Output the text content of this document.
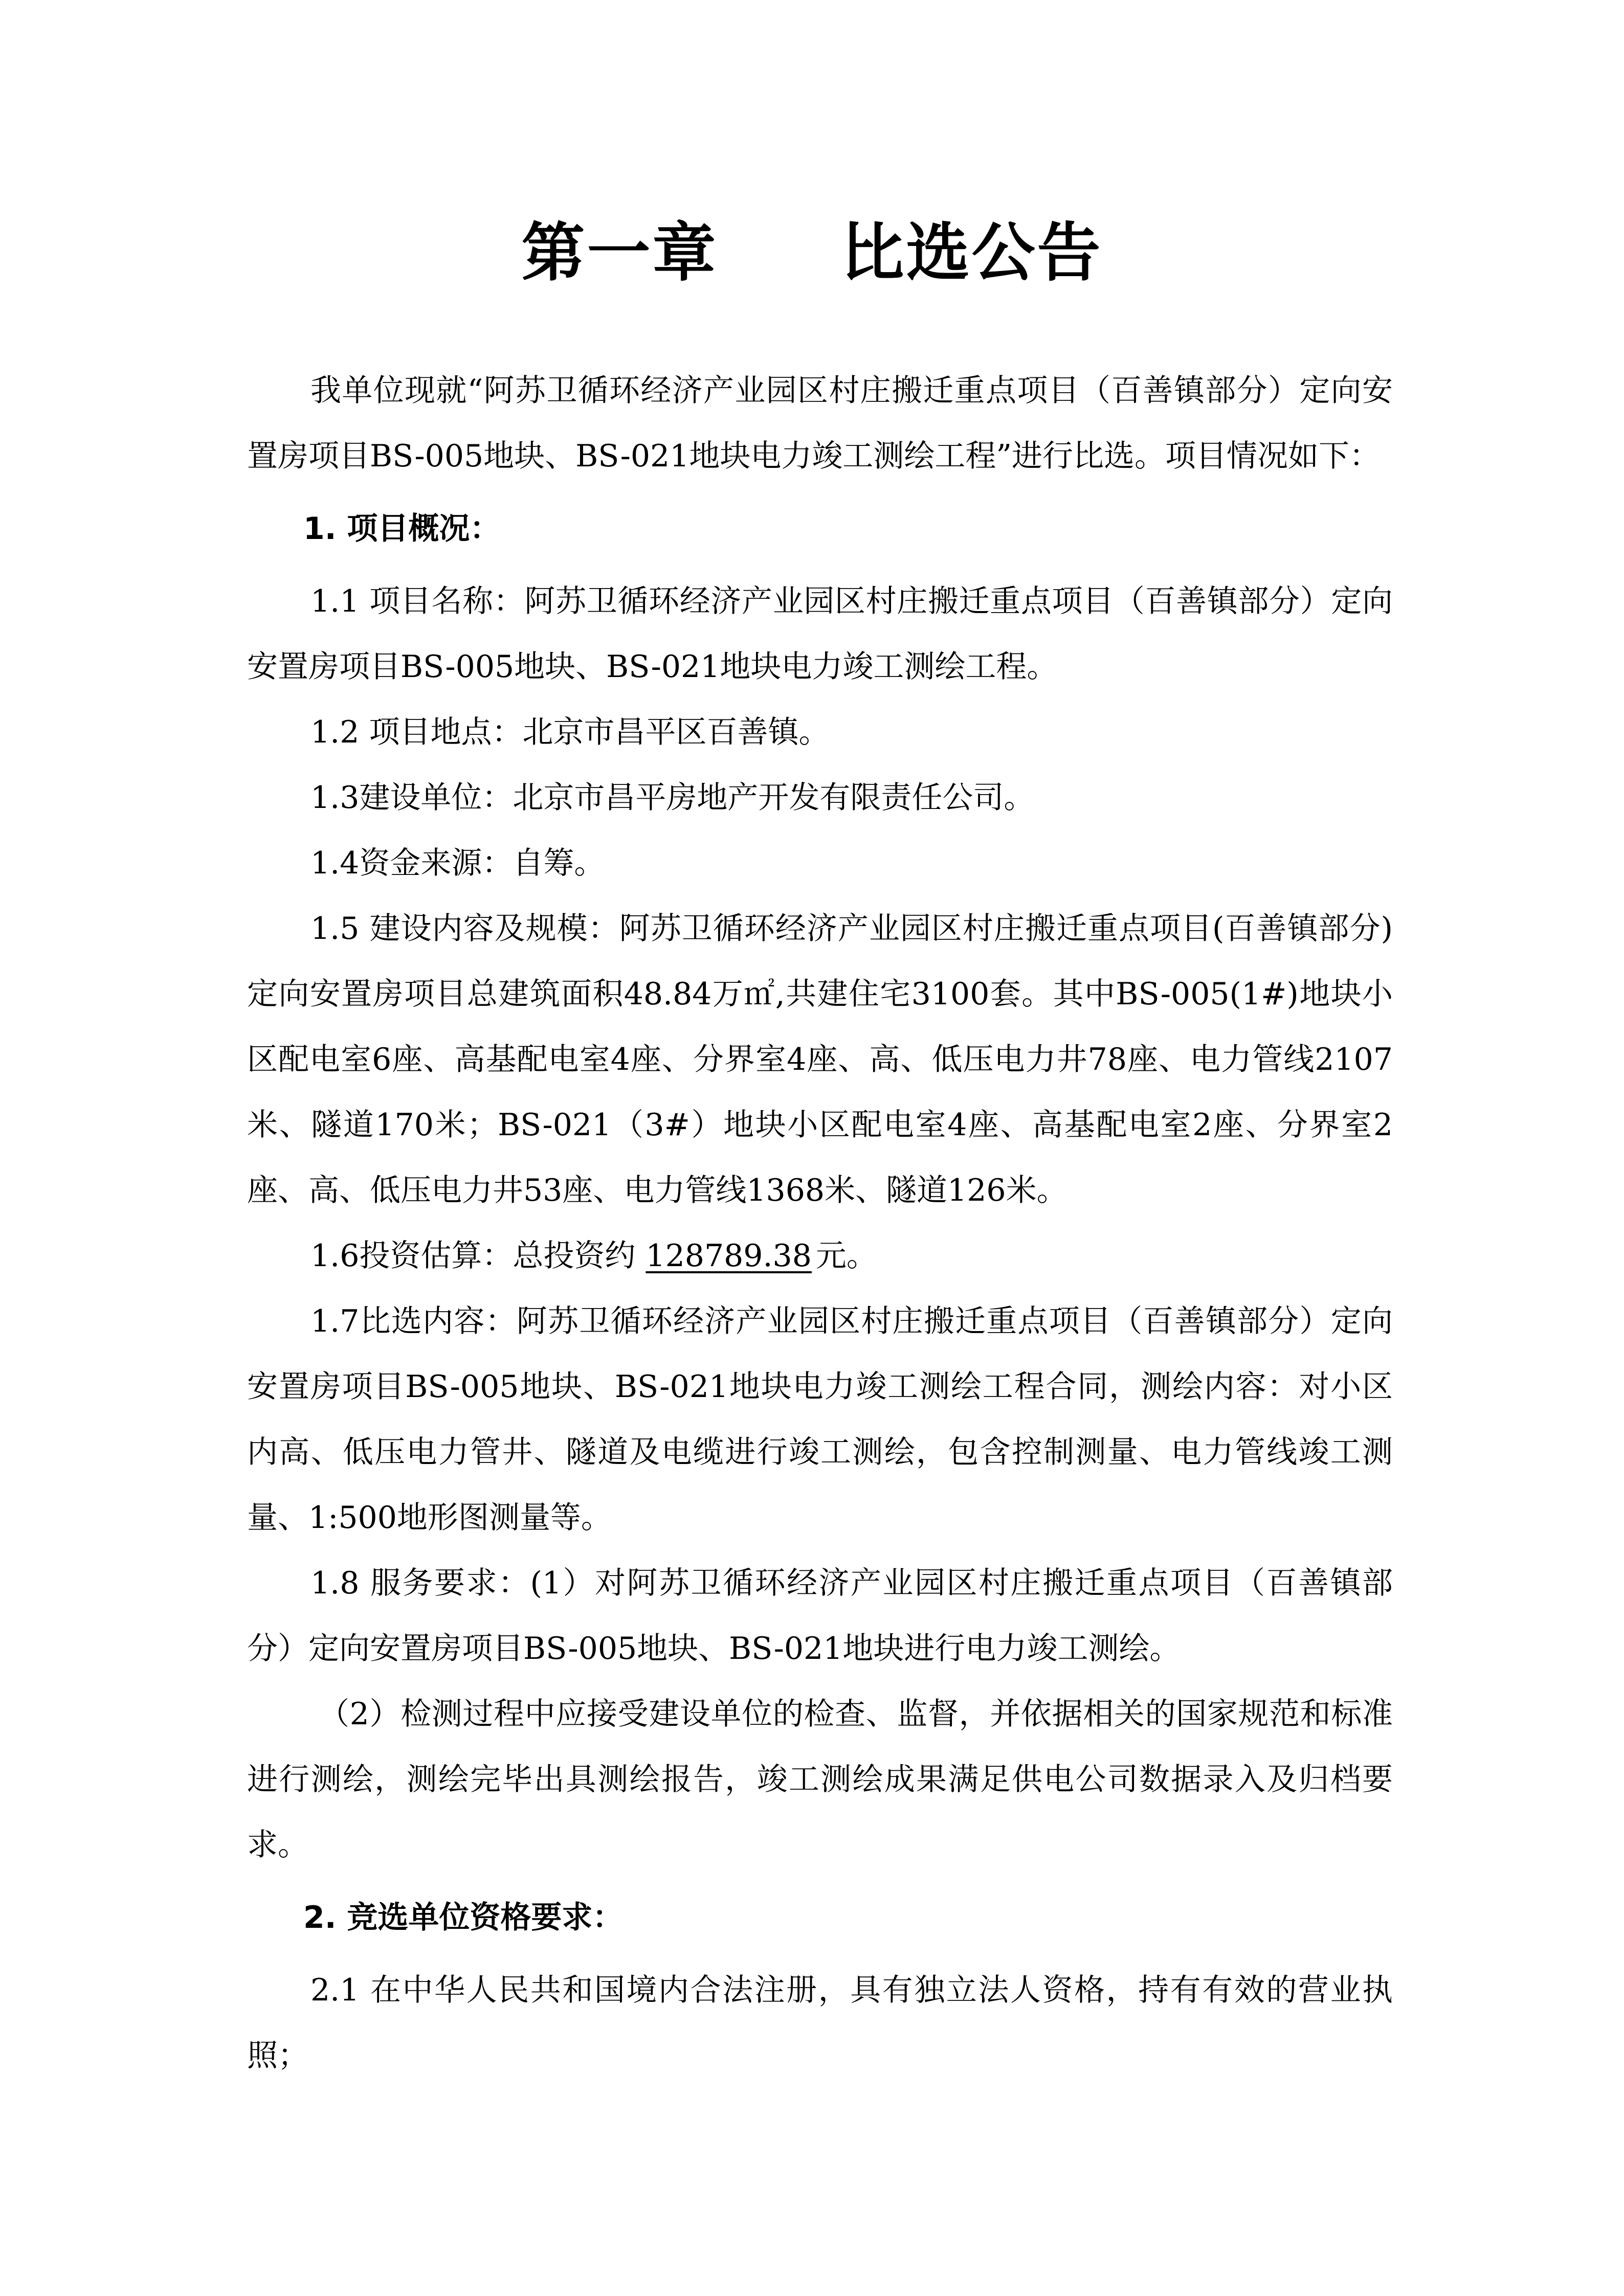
第一章 比选公告

我单位现就“阿苏卫循环经济产业园区村庄搬迁重点项目（百善镇部分）定向安置房项目BS-005地块、BS-021地块电力竣工测绘工程”进行比选。项目情况如下：

1. 项目概况：

1.1 项目名称：阿苏卫循环经济产业园区村庄搬迁重点项目（百善镇部分）定向安置房项目BS-005地块、BS-021地块电力竣工测绘工程。

1.2 项目地点：北京市昌平区百善镇。

1.3建设单位：北京市昌平房地产开发有限责任公司。

1.4资金来源：自筹。

1.5 建设内容及规模：阿苏卫循环经济产业园区村庄搬迁重点项目(百善镇部分)定向安置房项目总建筑面积48.84万㎡,共建住宅3100套。其中BS-005(1#)地块小区配电室6座、高基配电室4座、分界室4座、高、低压电力井78座、电力管线2107米、隧道170米；BS-021（3#）地块小区配电室4座、高基配电室2座、分界室2座、高、低压电力井53座、电力管线1368米、隧道126米。

1.6投资估算：总投资约 128789.38 元。

1.7比选内容：阿苏卫循环经济产业园区村庄搬迁重点项目（百善镇部分）定向安置房项目BS-005地块、BS-021地块电力竣工测绘工程合同，测绘内容：对小区内高、低压电力管井、隧道及电缆进行竣工测绘，包含控制测量、电力管线竣工测量、1:500地形图测量等。

1.8 服务要求：(1）对阿苏卫循环经济产业园区村庄搬迁重点项目（百善镇部分）定向安置房项目BS-005地块、BS-021地块进行电力竣工测绘。

（2）检测过程中应接受建设单位的检查、监督，并依据相关的国家规范和标准进行测绘，测绘完毕出具测绘报告，竣工测绘成果满足供电公司数据录入及归档要求。

2. 竞选单位资格要求：

2.1 在中华人民共和国境内合法注册，具有独立法人资格，持有有效的营业执照；
